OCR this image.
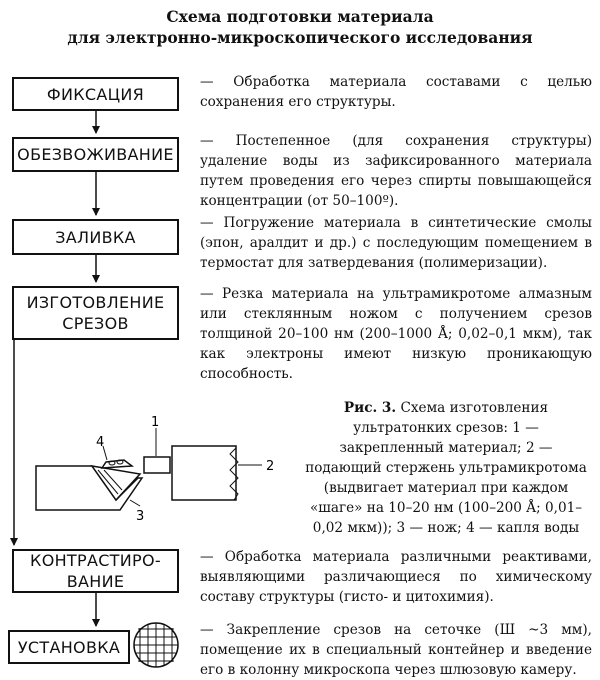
Схема подготовки материала
для электронно-микроскопического исследования
1
2
3
4
ФИКСАЦИЯ
ОБЕЗВОЖИВАНИЕ
ЗАЛИВКА
ИЗГОТОВЛЕНИЕ
СРЕЗОВ
КОНТРАСТИРО-
ВАНИЕ
УСТАНОВКА
— Обработка материала составами с целью сохранения его структуры.
— Постепенное (для сохранения структуры) удаление воды из зафиксированного материала путем проведения его через спирты повышающейся концентрации (от 50–100º).
— Погружение материала в синтетические смолы (эпон, аралдит и др.) с последующим помещением в термостат для затвердевания (полимеризации).
— Резка материала на ультрамикротоме алмазным или стеклянным ножом с получением срезов толщиной 20–100 нм (200–1000 Å; 0,02–0,1 мкм), так как электроны имеют низкую проникающую способность.
— Обработка материала различными реактивами, выявляющими различающиеся по химическому составу структуры (гисто- и цитохимия).
— Закрепление срезов на сеточке (Ш ~3 мм), помещение их в специальный контейнер и введение его в колонну микроскопа через шлюзовую камеру.
Рис. 3. Схема изготовления ультратонких срезов: 1 — закрепленный материал; 2 — подающий стержень ультрамикротома (выдвигает материал при каждом «шаге» на 10–20 нм (100–200 Å; 0,01–0,02 мкм)); 3 — нож; 4 — капля воды
